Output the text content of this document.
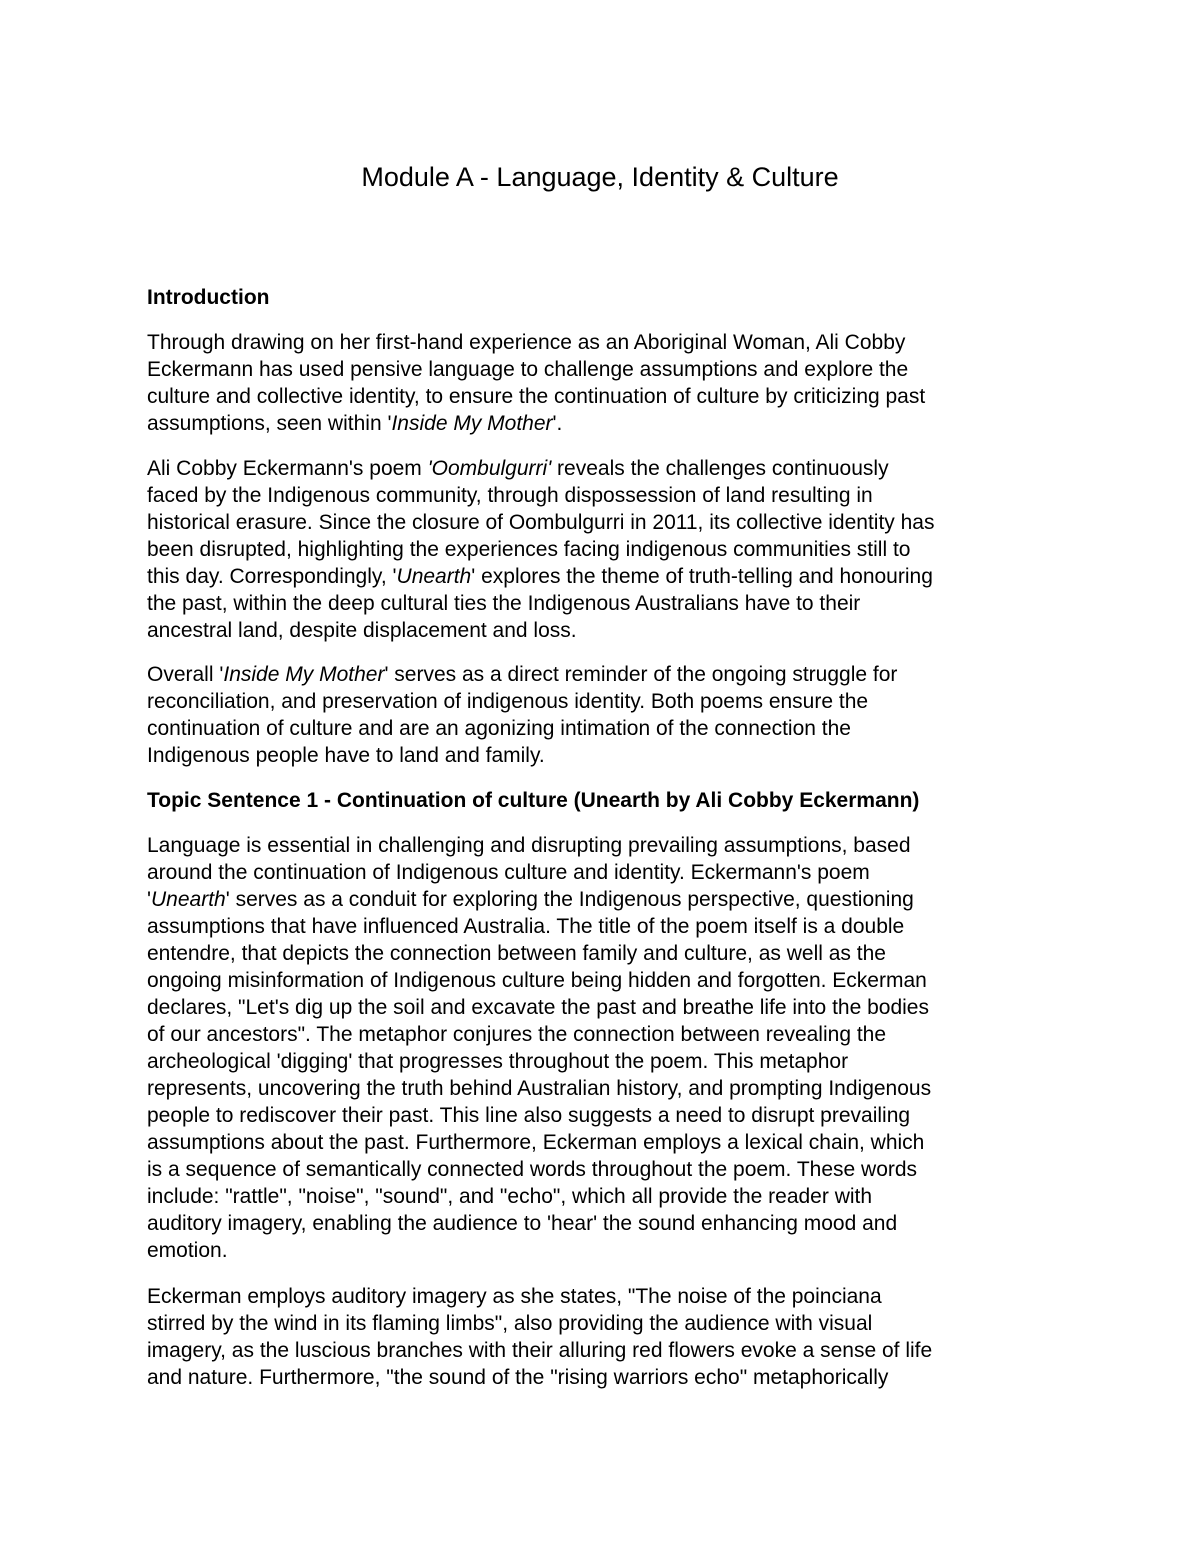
Module A - Language, Identity & Culture
Introduction
Through drawing on her first-hand experience as an Aboriginal Woman, Ali Cobby
Eckermann has used pensive language to challenge assumptions and explore the
culture and collective identity, to ensure the continuation of culture by criticizing past
assumptions, seen within 'Inside My Mother'.
Ali Cobby Eckermann's poem 'Oombulgurri' reveals the challenges continuously
faced by the Indigenous community, through dispossession of land resulting in
historical erasure. Since the closure of Oombulgurri in 2011, its collective identity has
been disrupted, highlighting the experiences facing indigenous communities still to
this day. Correspondingly, 'Unearth' explores the theme of truth-telling and honouring
the past, within the deep cultural ties the Indigenous Australians have to their
ancestral land, despite displacement and loss.
Overall 'Inside My Mother' serves as a direct reminder of the ongoing struggle for
reconciliation, and preservation of indigenous identity. Both poems ensure the
continuation of culture and are an agonizing intimation of the connection the
Indigenous people have to land and family.
Topic Sentence 1 - Continuation of culture (Unearth by Ali Cobby Eckermann)
Language is essential in challenging and disrupting prevailing assumptions, based
around the continuation of Indigenous culture and identity. Eckermann's poem
'Unearth' serves as a conduit for exploring the Indigenous perspective, questioning
assumptions that have influenced Australia. The title of the poem itself is a double
entendre, that depicts the connection between family and culture, as well as the
ongoing misinformation of Indigenous culture being hidden and forgotten. Eckerman
declares, "Let's dig up the soil and excavate the past and breathe life into the bodies
of our ancestors". The metaphor conjures the connection between revealing the
archeological 'digging' that progresses throughout the poem. This metaphor
represents, uncovering the truth behind Australian history, and prompting Indigenous
people to rediscover their past. This line also suggests a need to disrupt prevailing
assumptions about the past. Furthermore, Eckerman employs a lexical chain, which
is a sequence of semantically connected words throughout the poem. These words
include: "rattle", "noise", "sound", and "echo", which all provide the reader with
auditory imagery, enabling the audience to 'hear' the sound enhancing mood and
emotion.
Eckerman employs auditory imagery as she states, "The noise of the poinciana
stirred by the wind in its flaming limbs", also providing the audience with visual
imagery, as the luscious branches with their alluring red flowers evoke a sense of life
and nature. Furthermore, "the sound of the "rising warriors echo" metaphorically
